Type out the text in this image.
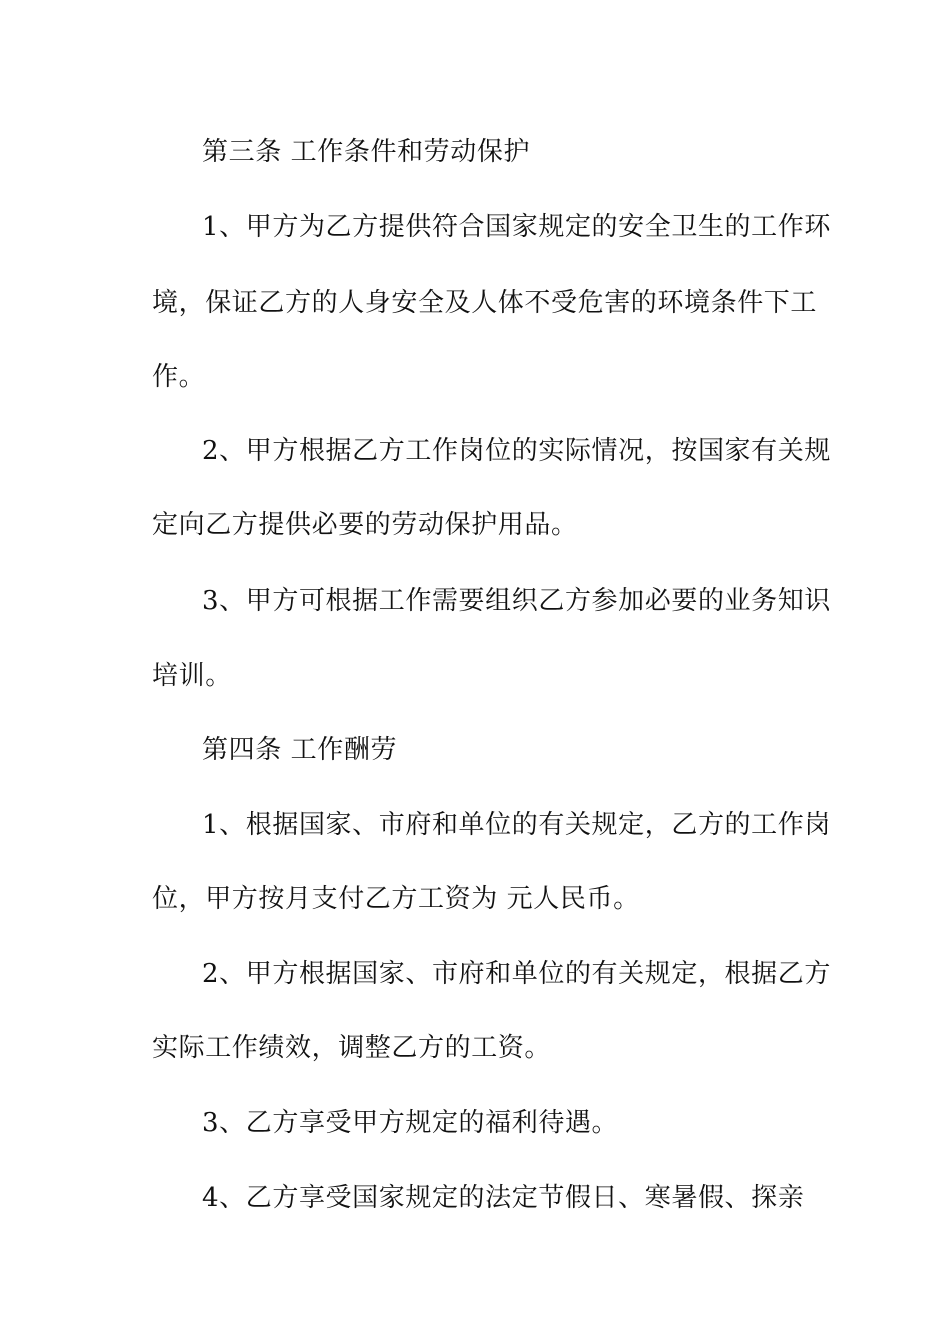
第三条 工作条件和劳动保护
1、甲方为乙方提供符合国家规定的安全卫生的工作环
境，保证乙方的人身安全及人体不受危害的环境条件下工
作。
2、甲方根据乙方工作岗位的实际情况，按国家有关规
定向乙方提供必要的劳动保护用品。
3、甲方可根据工作需要组织乙方参加必要的业务知识
培训。
第四条 工作酬劳
1、根据国家、市府和单位的有关规定，乙方的工作岗
位，甲方按月支付乙方工资为 元人民币。
2、甲方根据国家、市府和单位的有关规定，根据乙方
实际工作绩效，调整乙方的工资。
3、乙方享受甲方规定的福利待遇。
4、乙方享受国家规定的法定节假日、寒暑假、探亲
